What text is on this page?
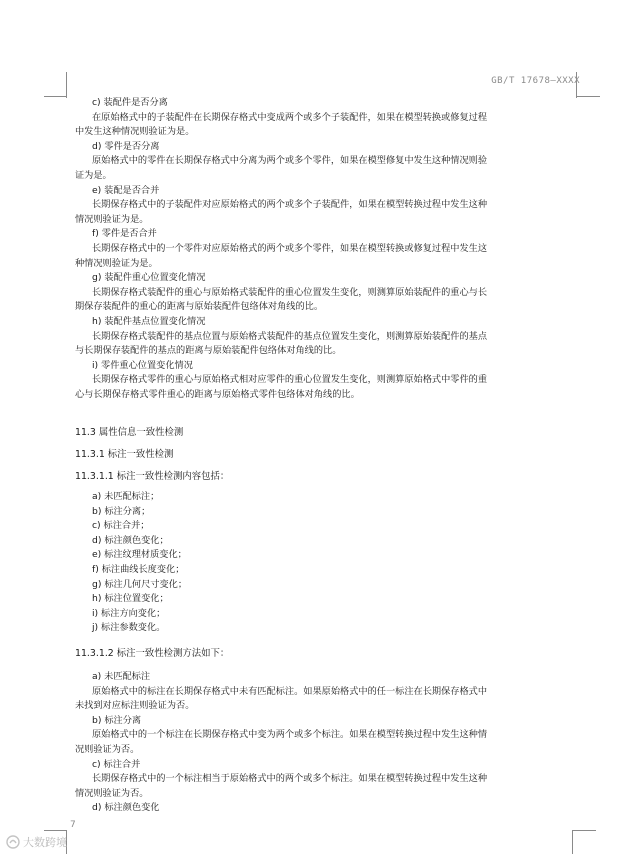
GB/T 17678—XXXX
c) 装配件是否分离
在原始格式中的子装配件在长期保存格式中变成两个或多个子装配件，如果在模型转换或修复过程
中发生这种情况则验证为是。
d) 零件是否分离
原始格式中的零件在长期保存格式中分离为两个或多个零件，如果在模型修复中发生这种情况则验
证为是。
e) 装配是否合并
长期保存格式中的子装配件对应原始格式的两个或多个子装配件，如果在模型转换过程中发生这种
情况则验证为是。
f) 零件是否合并
长期保存格式中的一个零件对应原始格式的两个或多个零件，如果在模型转换或修复过程中发生这
种情况则验证为是。
g) 装配件重心位置变化情况
长期保存格式装配件的重心与原始格式装配件的重心位置发生变化，则测算原始装配件的重心与长
期保存装配件的重心的距离与原始装配件包络体对角线的比。
h) 装配件基点位置变化情况
长期保存格式装配件的基点位置与原始格式装配件的基点位置发生变化，则测算原始装配件的基点
与长期保存装配件的基点的距离与原始装配件包络体对角线的比。
i) 零件重心位置变化情况
长期保存格式零件的重心与原始格式相对应零件的重心位置发生变化，则测算原始格式中零件的重
心与长期保存格式零件重心的距离与原始格式零件包络体对角线的比。
11.3 属性信息一致性检测
11.3.1 标注一致性检测
11.3.1.1 标注一致性检测内容包括：
a) 未匹配标注；
b) 标注分离；
c) 标注合并；
d) 标注颜色变化；
e) 标注纹理材质变化；
f) 标注曲线长度变化；
g) 标注几何尺寸变化；
h) 标注位置变化；
i) 标注方向变化；
j) 标注参数变化。
11.3.1.2 标注一致性检测方法如下：
a) 未匹配标注
原始格式中的标注在长期保存格式中未有匹配标注。如果原始格式中的任一标注在长期保存格式中
未找到对应标注则验证为否。
b) 标注分离
原始格式中的一个标注在长期保存格式中变为两个或多个标注。如果在模型转换过程中发生这种情
况则验证为否。
c) 标注合并
长期保存格式中的一个标注相当于原始格式中的两个或多个标注。如果在模型转换过程中发生这种
情况则验证为否。
d) 标注颜色变化
7
大数跨境
